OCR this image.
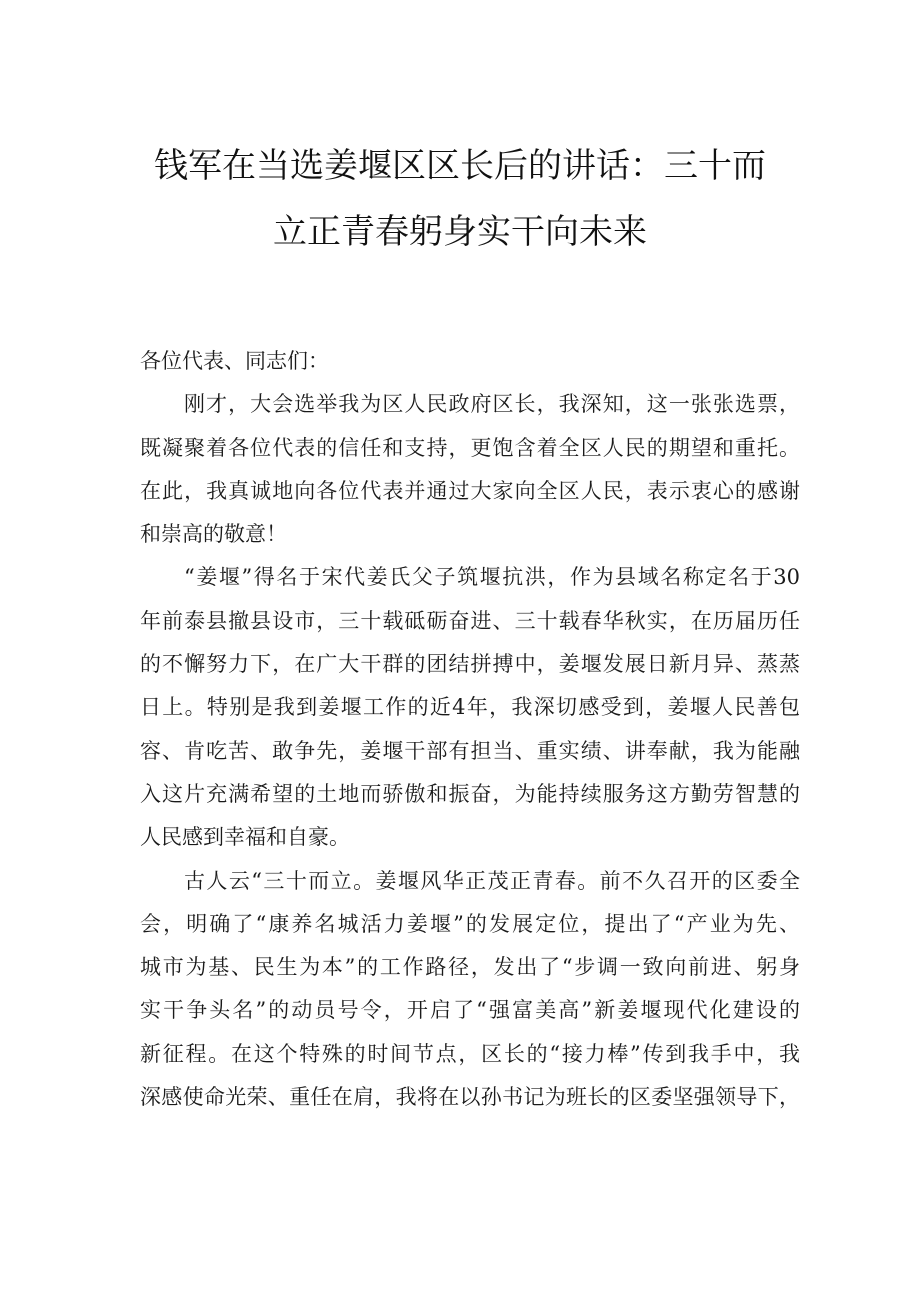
钱军在当选姜堰区区长后的讲话：三十而
立正青春躬身实干向未来
各位代表、同志们：
刚才，大会选举我为区人民政府区长，我深知，这一张张选票，
既凝聚着各位代表的信任和支持，更饱含着全区人民的期望和重托。
在此，我真诚地向各位代表并通过大家向全区人民，表示衷心的感谢
和崇高的敬意！
“姜堰”得名于宋代姜氏父子筑堰抗洪，作为县域名称定名于30
年前泰县撤县设市，三十载砥砺奋进、三十载春华秋实，在历届历任
的不懈努力下，在广大干群的团结拼搏中，姜堰发展日新月异、蒸蒸
日上。特别是我到姜堰工作的近4年，我深切感受到，姜堰人民善包
容、肯吃苦、敢争先，姜堰干部有担当、重实绩、讲奉献，我为能融
入这片充满希望的土地而骄傲和振奋，为能持续服务这方勤劳智慧的
人民感到幸福和自豪。
古人云“三十而立。姜堰风华正茂正青春。前不久召开的区委全
会，明确了“康养名城活力姜堰”的发展定位，提出了“产业为先、
城市为基、民生为本”的工作路径，发出了“步调一致向前进、躬身
实干争头名”的动员号令，开启了“强富美高”新姜堰现代化建设的
新征程。在这个特殊的时间节点，区长的“接力棒”传到我手中，我
深感使命光荣、重任在肩，我将在以孙书记为班长的区委坚强领导下，
